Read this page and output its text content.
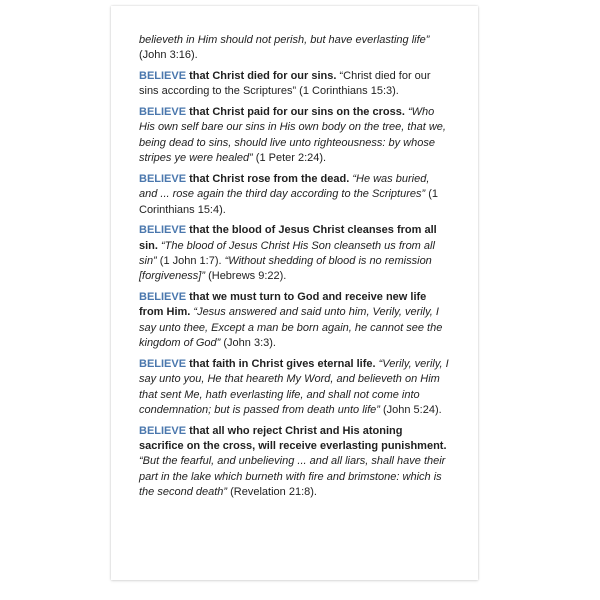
believeth in Him should not perish, but have everlasting life” (John 3:16).

BELIEVE that Christ died for our sins. “Christ died for our sins according to the Scriptures” (1 Corinthians 15:3).

BELIEVE that Christ paid for our sins on the cross. “Who His own self bare our sins in His own body on the tree, that we, being dead to sins, should live unto righteousness: by whose stripes ye were healed” (1 Peter 2:24).

BELIEVE that Christ rose from the dead. “He was buried, and ... rose again the third day according to the Scriptures” (1 Corinthians 15:4).

BELIEVE that the blood of Jesus Christ cleanses from all sin. “The blood of Jesus Christ His Son cleanseth us from all sin” (1 John 1:7). “Without shedding of blood is no remission [forgiveness]” (Hebrews 9:22).

BELIEVE that we must turn to God and receive new life from Him. “Jesus answered and said unto him, Verily, verily, I say unto thee, Except a man be born again, he cannot see the kingdom of God” (John 3:3).

BELIEVE that faith in Christ gives eternal life. “Verily, verily, I say unto you, He that heareth My Word, and believeth on Him that sent Me, hath everlasting life, and shall not come into condemnation; but is passed from death unto life” (John 5:24).

BELIEVE that all who reject Christ and His atoning sacrifice on the cross, will receive everlasting punishment. “But the fearful, and unbelieving ... and all liars, shall have their part in the lake which burneth with fire and brimstone: which is the second death” (Revelation 21:8).
